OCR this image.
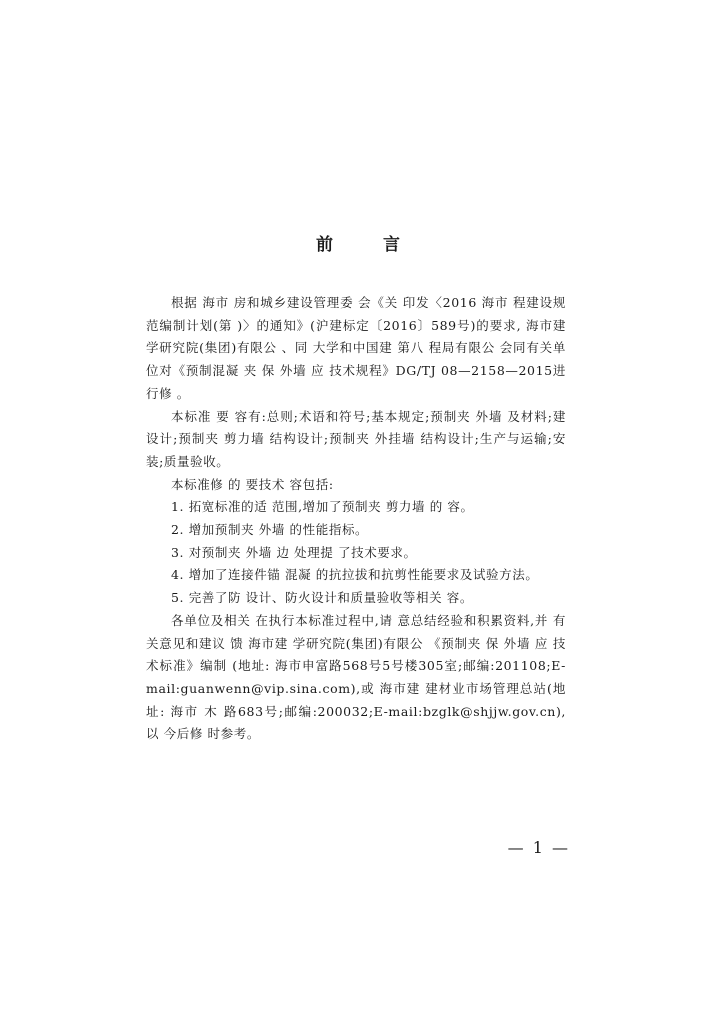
前 言

根据 海市 房和城乡建设管理委 会《关 印发〈2016 海市 程建设规范编制计划(第 )〉的通知》(沪建标定〔2016〕589号)的要求, 海市建 学研究院(集团)有限公 、同 大学和中国建 第八 程局有限公 会同有关单位对《预制混凝 夹 保 外墙 应 技术规程》DG/TJ 08—2158—2015进行修 。

本标准 要 容有:总则;术语和符号;基本规定;预制夹 外墙 及材料;建 设计;预制夹 剪力墙 结构设计;预制夹 外挂墙 结构设计;生产与运输;安装;质量验收。

本标准修 的 要技术 容包括:

1. 拓宽标准的适 范围,增加了预制夹 剪力墙 的 容。

2. 增加预制夹 外墙 的性能指标。

3. 对预制夹 外墙 边 处理提 了技术要求。

4. 增加了连接件锚 混凝 的抗拉拔和抗剪性能要求及试验方法。

5. 完善了防 设计、防火设计和质量验收等相关 容。

各单位及相关 在执行本标准过程中,请 意总结经验和积累资料,并 有关意见和建议 馈 海市建 学研究院(集团)有限公 《预制夹 保 外墙 应 技术标准》编制 (地址: 海市申富路568号5号楼305室;邮编:201108;E-mail:guanwenn@vip.sina.com),或 海市建 建材业市场管理总站(地址: 海市 木 路683号;邮编:200032;E-mail:bzglk@shjjw.gov.cn),以 今后修 时参考。

— 1 —
